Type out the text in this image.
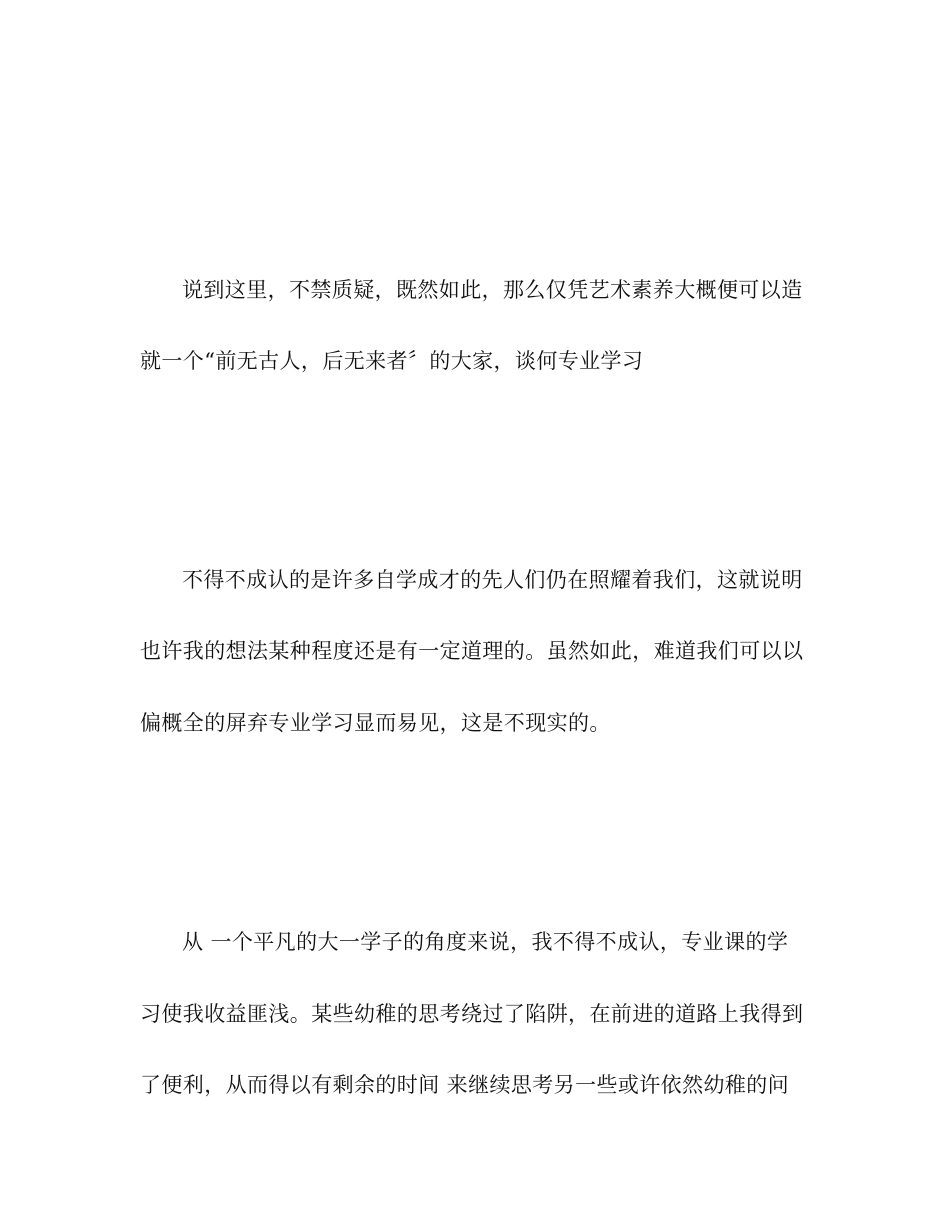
说到这里，不禁质疑，既然如此，那么仅凭艺术素养大概便可以造
就一个“前无古人，后无来者〞的大家，谈何专业学习
不得不成认的是许多自学成才的先人们仍在照耀着我们，这就说明
也许我的想法某种程度还是有一定道理的。虽然如此，难道我们可以以
偏概全的屏弃专业学习显而易见，这是不现实的。
从 一个平凡的大一学子的角度来说，我不得不成认，专业课的学
习使我收益匪浅。某些幼稚的思考绕过了陷阱，在前进的道路上我得到
了便利，从而得以有剩余的时间 来继续思考另一些或许依然幼稚的问
